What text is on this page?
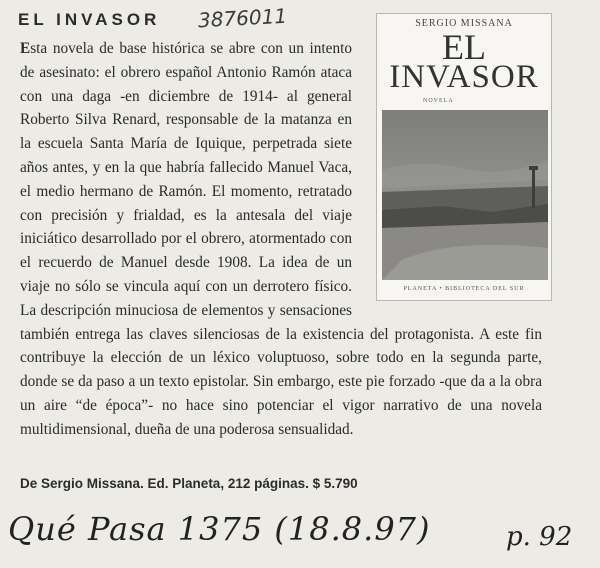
EL INVASOR 3876011
Esta novela de base histórica se abre con un intento de asesinato: el obrero español Antonio Ramón ataca con una daga -en diciembre de 1914- al general Roberto Silva Renard, responsable de la matanza en la escuela Santa María de Iquique, perpetrada siete años antes, y en la que habría fallecido Manuel Vaca, el medio hermano de Ramón. El momento, retratado con precisión y frialdad, es la antesala del viaje iniciático desarrollado por el obrero, atormentado con el recuerdo de Manuel desde 1908. La idea de un viaje no sólo se vincula aquí con un derrotero físico. La descripción minuciosa de elementos y sensaciones también entrega las claves silenciosas de la existencia del protagonista. A este fin contribuye la elección de un léxico voluptuoso, sobre todo en la segunda parte, donde se da paso a un texto epistolar. Sin embargo, este pie forzado -que da a la obra un aire “de época”- no hace sino potenciar el vigor narrativo de una novela multidimensional, dueña de una poderosa sensualidad.
SERGIO MISSANA
EL
INVASOR
NOVELA
PLANETA • BIBLIOTECA DEL SUR
De Sergio Missana. Ed. Planeta, 212 páginas. $ 5.790
Qué Pasa 1375 (18.8.97)	p. 92
